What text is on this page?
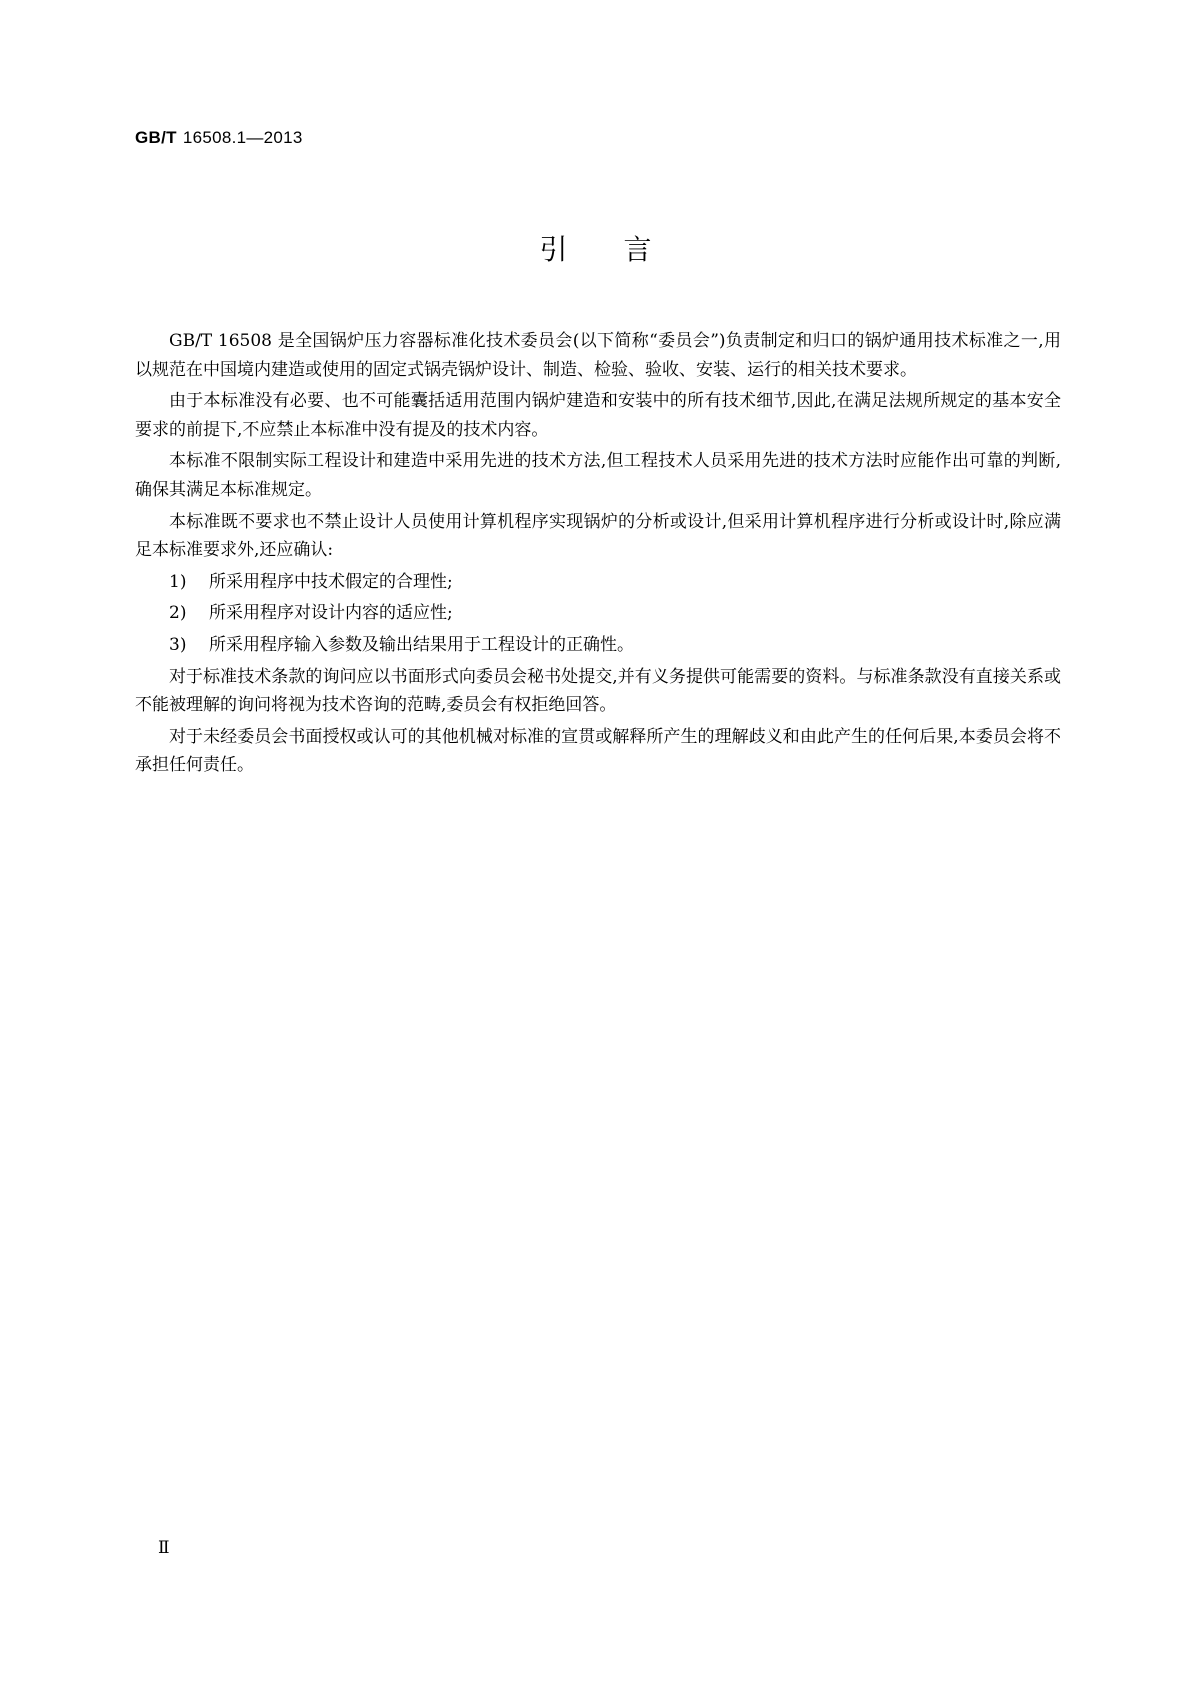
GB/T 16508.1—2013
引言

GB/T 16508 是全国锅炉压力容器标准化技术委员会(以下简称“委员会”)负责制定和归口的锅炉通用技术标准之一,用以规范在中国境内建造或使用的固定式锅壳锅炉设计、制造、检验、验收、安装、运行的相关技术要求。

由于本标准没有必要、也不可能囊括适用范围内锅炉建造和安装中的所有技术细节,因此,在满足法规所规定的基本安全要求的前提下,不应禁止本标准中没有提及的技术内容。

本标准不限制实际工程设计和建造中采用先进的技术方法,但工程技术人员采用先进的技术方法时应能作出可靠的判断,确保其满足本标准规定。

本标准既不要求也不禁止设计人员使用计算机程序实现锅炉的分析或设计,但采用计算机程序进行分析或设计时,除应满足本标准要求外,还应确认:

1) 所采用程序中技术假定的合理性;

2) 所采用程序对设计内容的适应性;

3) 所采用程序输入参数及输出结果用于工程设计的正确性。

对于标准技术条款的询问应以书面形式向委员会秘书处提交,并有义务提供可能需要的资料。与标准条款没有直接关系或不能被理解的询问将视为技术咨询的范畴,委员会有权拒绝回答。

对于未经委员会书面授权或认可的其他机械对标准的宣贯或解释所产生的理解歧义和由此产生的任何后果,本委员会将不承担任何责任。

Ⅱ
